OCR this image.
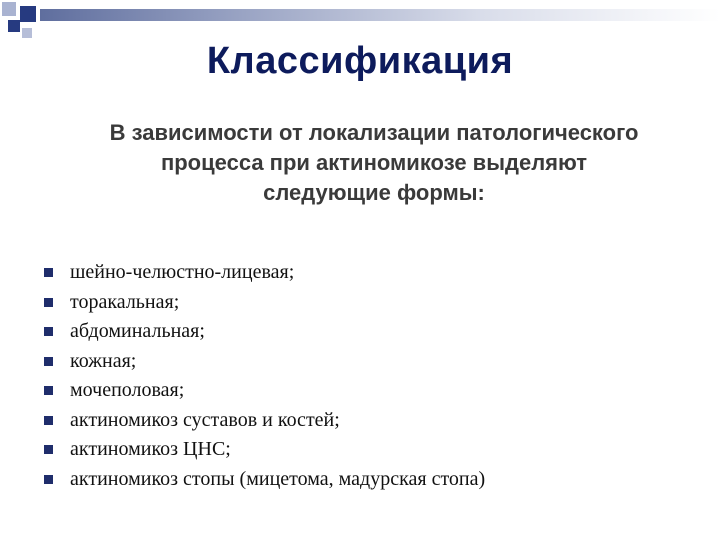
Классификация
В зависимости от локализации патологического процесса при актиномикозе выделяют следующие формы:
шейно-челюстно-лицевая;
торакальная;
абдоминальная;
кожная;
мочеполовая;
актиномикоз суставов и костей;
актиномикоз ЦНС;
актиномикоз стопы (мицетома, мадурская стопа)
